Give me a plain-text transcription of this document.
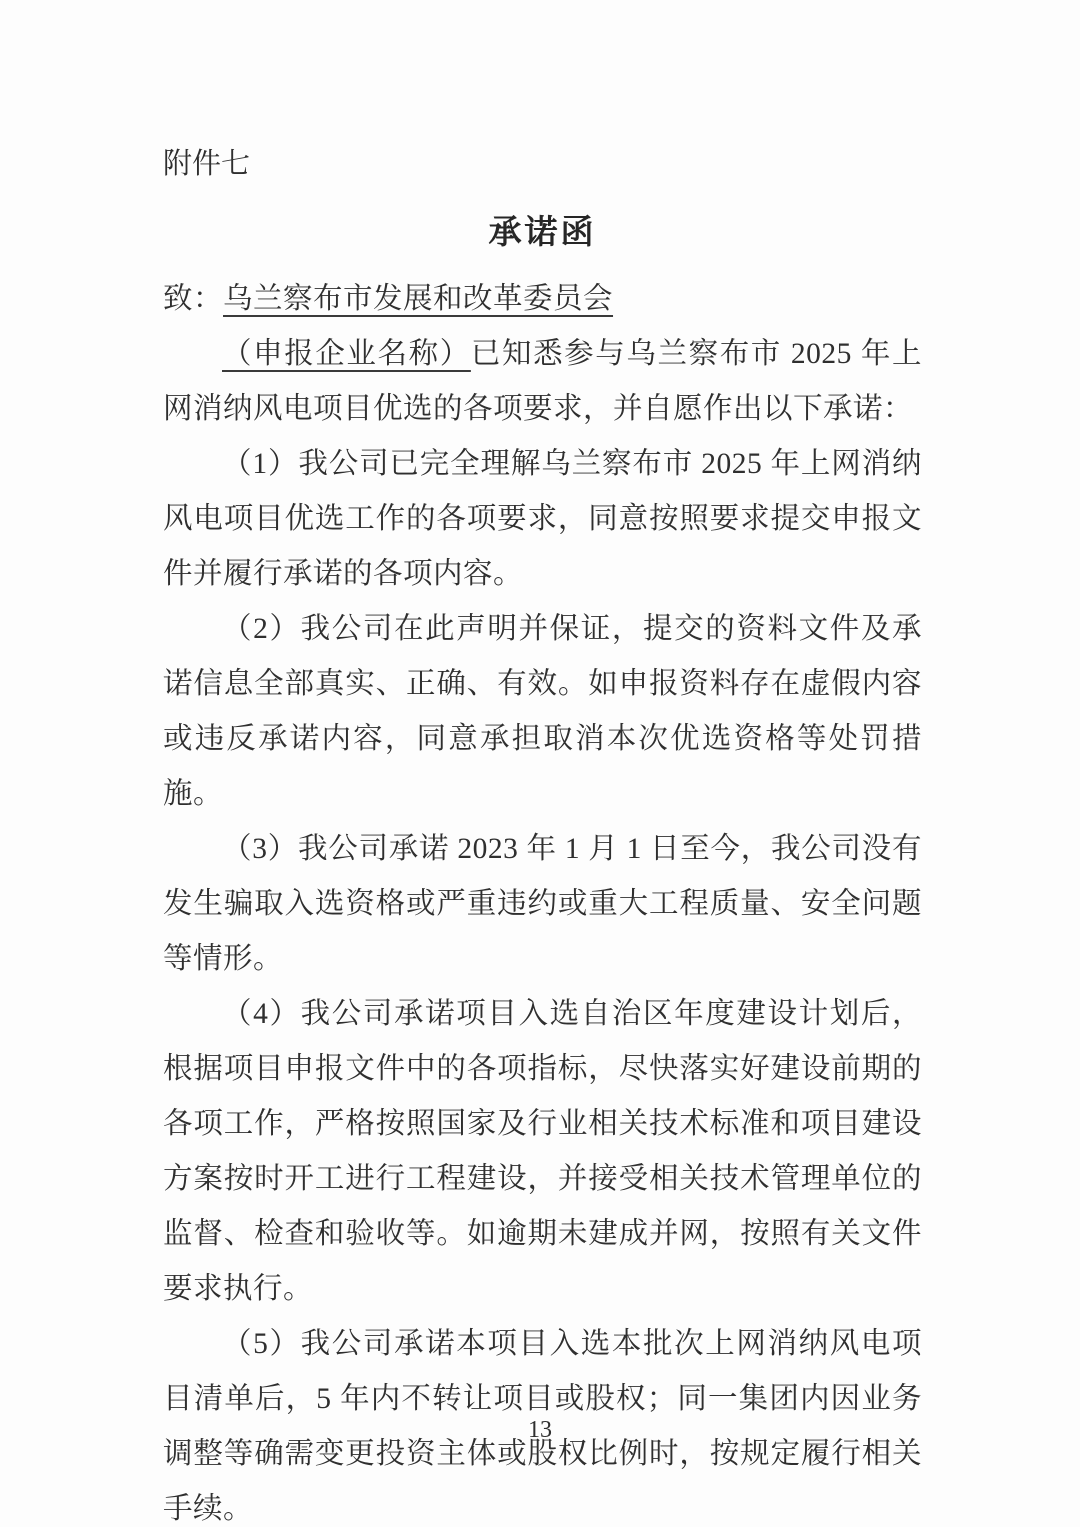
附件七
承诺函

致：乌兰察布市发展和改革委员会

（申报企业名称）已知悉参与乌兰察布市 2025 年上网消纳风电项目优选的各项要求，并自愿作出以下承诺：

（1）我公司已完全理解乌兰察布市 2025 年上网消纳风电项目优选工作的各项要求，同意按照要求提交申报文件并履行承诺的各项内容。

（2）我公司在此声明并保证，提交的资料文件及承诺信息全部真实、正确、有效。如申报资料存在虚假内容或违反承诺内容，同意承担取消本次优选资格等处罚措施。

（3）我公司承诺 2023 年 1 月 1 日至今，我公司没有发生骗取入选资格或严重违约或重大工程质量、安全问题等情形。

（4）我公司承诺项目入选自治区年度建设计划后，根据项目申报文件中的各项指标，尽快落实好建设前期的各项工作，严格按照国家及行业相关技术标准和项目建设方案按时开工进行工程建设，并接受相关技术管理单位的监督、检查和验收等。如逾期未建成并网，按照有关文件要求执行。

（5）我公司承诺本项目入选本批次上网消纳风电项目清单后，5 年内不转让项目或股权；同一集团内因业务调整等确需变更投资主体或股权比例时，按规定履行相关手续。

13
